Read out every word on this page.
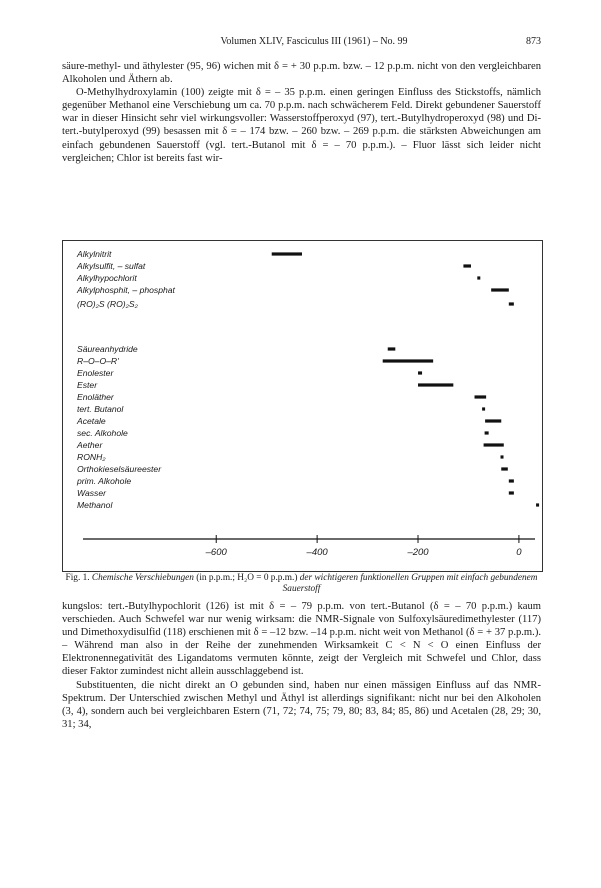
Volumen XLIV, Fasciculus III (1961) – No. 99	873

säure-methyl- und äthylester (95, 96) wichen mit δ = + 30 p.p.m. bzw. – 12 p.p.m. nicht von den vergleichbaren Alkoholen und Äthern ab.

O-Methylhydroxylamin (100) zeigte mit δ = – 35 p.p.m. einen geringen Einfluss des Stickstoffs, nämlich gegenüber Methanol eine Verschiebung um ca. 70 p.p.m. nach schwächerem Feld. Direkt gebundener Sauerstoff war in dieser Hinsicht sehr viel wirkungsvoller: Wasserstoffperoxyd (97), tert.-Butylhydroperoxyd (98) und Di-tert.-butylperoxyd (99) besassen mit δ = – 174 bzw. – 260 bzw. – 269 p.p.m. die stärksten Abweichungen am einfach gebundenen Sauerstoff (vgl. tert.-Butanol mit δ = – 70 p.p.m.). – Fluor lässt sich leider nicht vergleichen; Chlor ist bereits fast wir-

Alkylnitrit
Alkylsulfit, – sulfat
Alkylhypochlorit
Alkylphosphit, – phosphat
(RO)₂S (RO)₂S₂
Säureanhydride
R–O–O–R'
Enolester
Ester
Enoläther
tert. Butanol
Acetale
sec. Alkohole
Aether
RONH₂
Orthokieselsäureester
prim. Alkohole
Wasser
Methanol
–600	–400	–200	0
Fig. 1. Chemische Verschiebungen (in p.p.m.; H₂O = 0 p.p.m.) der wichtigeren funktionellen Gruppen mit einfach gebundenem Sauerstoff

kungslos: tert.-Butylhypochlorit (126) ist mit δ = – 79 p.p.m. von tert.-Butanol (δ = – 70 p.p.m.) kaum verschieden. Auch Schwefel war nur wenig wirksam: die NMR-Signale von Sulfoxylsäuredimethylester (117) und Dimethoxydisulfid (118) erschienen mit δ = –12 bzw. –14 p.p.m. nicht weit von Methanol (δ = + 37 p.p.m.). – Während man also in der Reihe der zunehmenden Wirksamkeit C < N < O einen Einfluss der Elektronennegativität des Ligandatoms vermuten könnte, zeigt der Vergleich mit Schwefel und Chlor, dass dieser Faktor zumindest nicht allein ausschlaggebend ist.

Substituenten, die nicht direkt an O gebunden sind, haben nur einen mässigen Einfluss auf das NMR-Spektrum. Der Unterschied zwischen Methyl und Äthyl ist allerdings signifikant: nicht nur bei den Alkoholen (3, 4), sondern auch bei vergleichbaren Estern (71, 72; 74, 75; 79, 80; 83, 84; 85, 86) und Acetalen (28, 29; 30, 31; 34,
